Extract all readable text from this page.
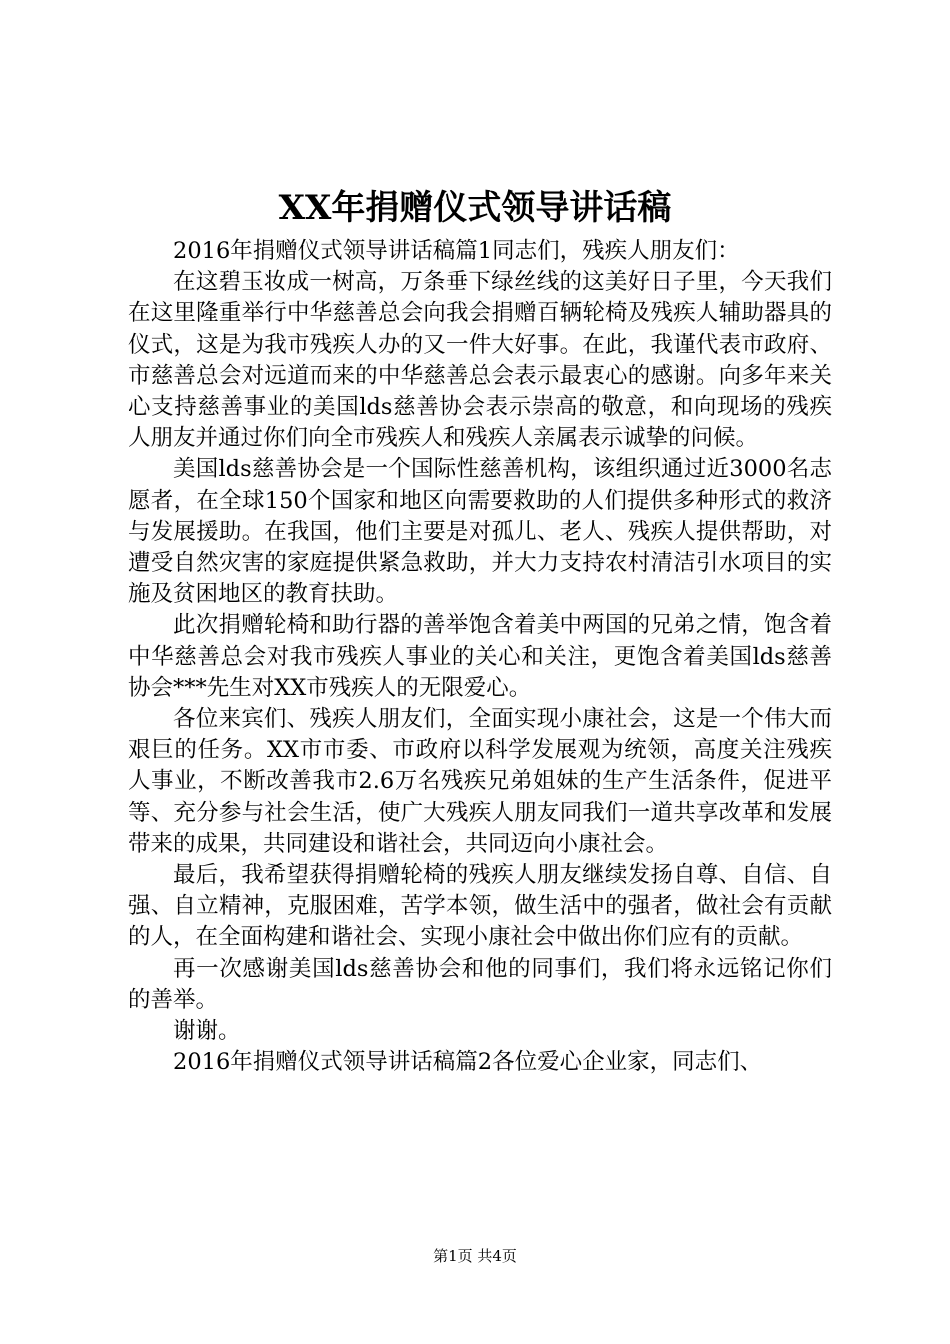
XX年捐赠仪式领导讲话稿

2016年捐赠仪式领导讲话稿篇1同志们，残疾人朋友们：

在这碧玉妆成一树高，万条垂下绿丝线的这美好日子里，今天我们在这里隆重举行中华慈善总会向我会捐赠百辆轮椅及残疾人辅助器具的仪式，这是为我市残疾人办的又一件大好事。在此，我谨代表市政府、市慈善总会对远道而来的中华慈善总会表示最衷心的感谢。向多年来关心支持慈善事业的美国lds慈善协会表示崇高的敬意，和向现场的残疾人朋友并通过你们向全市残疾人和残疾人亲属表示诚挚的问候。

美国lds慈善协会是一个国际性慈善机构，该组织通过近3000名志愿者，在全球150个国家和地区向需要救助的人们提供多种形式的救济与发展援助。在我国，他们主要是对孤儿、老人、残疾人提供帮助，对遭受自然灾害的家庭提供紧急救助，并大力支持农村清洁引水项目的实施及贫困地区的教育扶助。

此次捐赠轮椅和助行器的善举饱含着美中两国的兄弟之情，饱含着中华慈善总会对我市残疾人事业的关心和关注，更饱含着美国lds慈善协会***先生对XX市残疾人的无限爱心。

各位来宾们、残疾人朋友们，全面实现小康社会，这是一个伟大而艰巨的任务。XX市市委、市政府以科学发展观为统领，高度关注残疾人事业，不断改善我市2.6万名残疾兄弟姐妹的生产生活条件，促进平等、充分参与社会生活，使广大残疾人朋友同我们一道共享改革和发展带来的成果，共同建设和谐社会，共同迈向小康社会。

最后，我希望获得捐赠轮椅的残疾人朋友继续发扬自尊、自信、自强、自立精神，克服困难，苦学本领，做生活中的强者，做社会有贡献的人，在全面构建和谐社会、实现小康社会中做出你们应有的贡献。

再一次感谢美国lds慈善协会和他的同事们，我们将永远铭记你们的善举。

谢谢。

2016年捐赠仪式领导讲话稿篇2各位爱心企业家，同志们、

第1页 共4页
